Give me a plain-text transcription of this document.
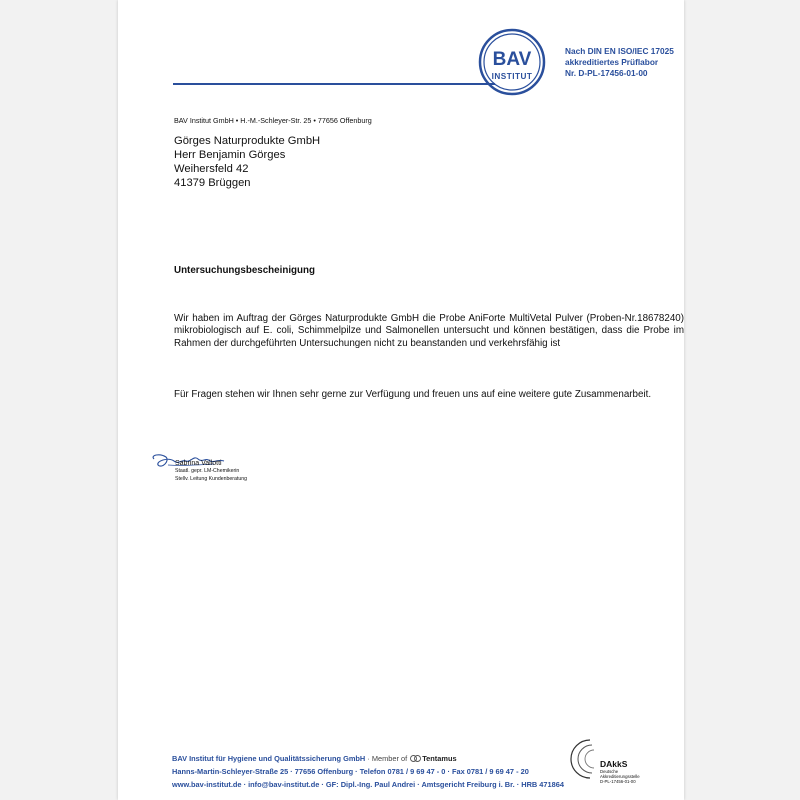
BAV
INSTITUT
Nach DIN EN ISO/IEC 17025
akkreditiertes Prüflabor
Nr. D-PL-17456-01-00
BAV Institut GmbH • H.-M.-Schleyer-Str. 25 • 77656 Offenburg
Görges Naturprodukte GmbH
Herr Benjamin Görges
Weihersfeld 42
41379 Brüggen
Untersuchungsbescheinigung
Wir haben im Auftrag der Görges Naturprodukte GmbH die Probe AniForte MultiVetal Pulver (Proben-Nr.18678240) mikrobiologisch auf E. coli, Schimmelpilze und Salmonellen untersucht und können bestätigen, dass die Probe im Rahmen der durchgeführten Untersuchungen nicht zu beanstanden und verkehrsfähig ist
Für Fragen stehen wir Ihnen sehr gerne zur Verfügung und freuen uns auf eine weitere gute Zusammenarbeit.
Sabrina Vallotti
Staatl. gepr. LM-Chemikerin
Stellv. Leitung Kundenberatung
BAV Institut für Hygiene und Qualitätssicherung GmbH · Member of Tentamus
Hanns-Martin-Schleyer-Straße 25 · 77656 Offenburg · Telefon 0781 / 9 69 47 - 0 · Fax 0781 / 9 69 47 - 20
www.bav-institut.de · info@bav-institut.de · GF: Dipl.-Ing. Paul Andrei · Amtsgericht Freiburg i. Br. · HRB 471864
DAkkS
Deutsche
Akkreditierungsstelle
D-PL-17456-01-00
